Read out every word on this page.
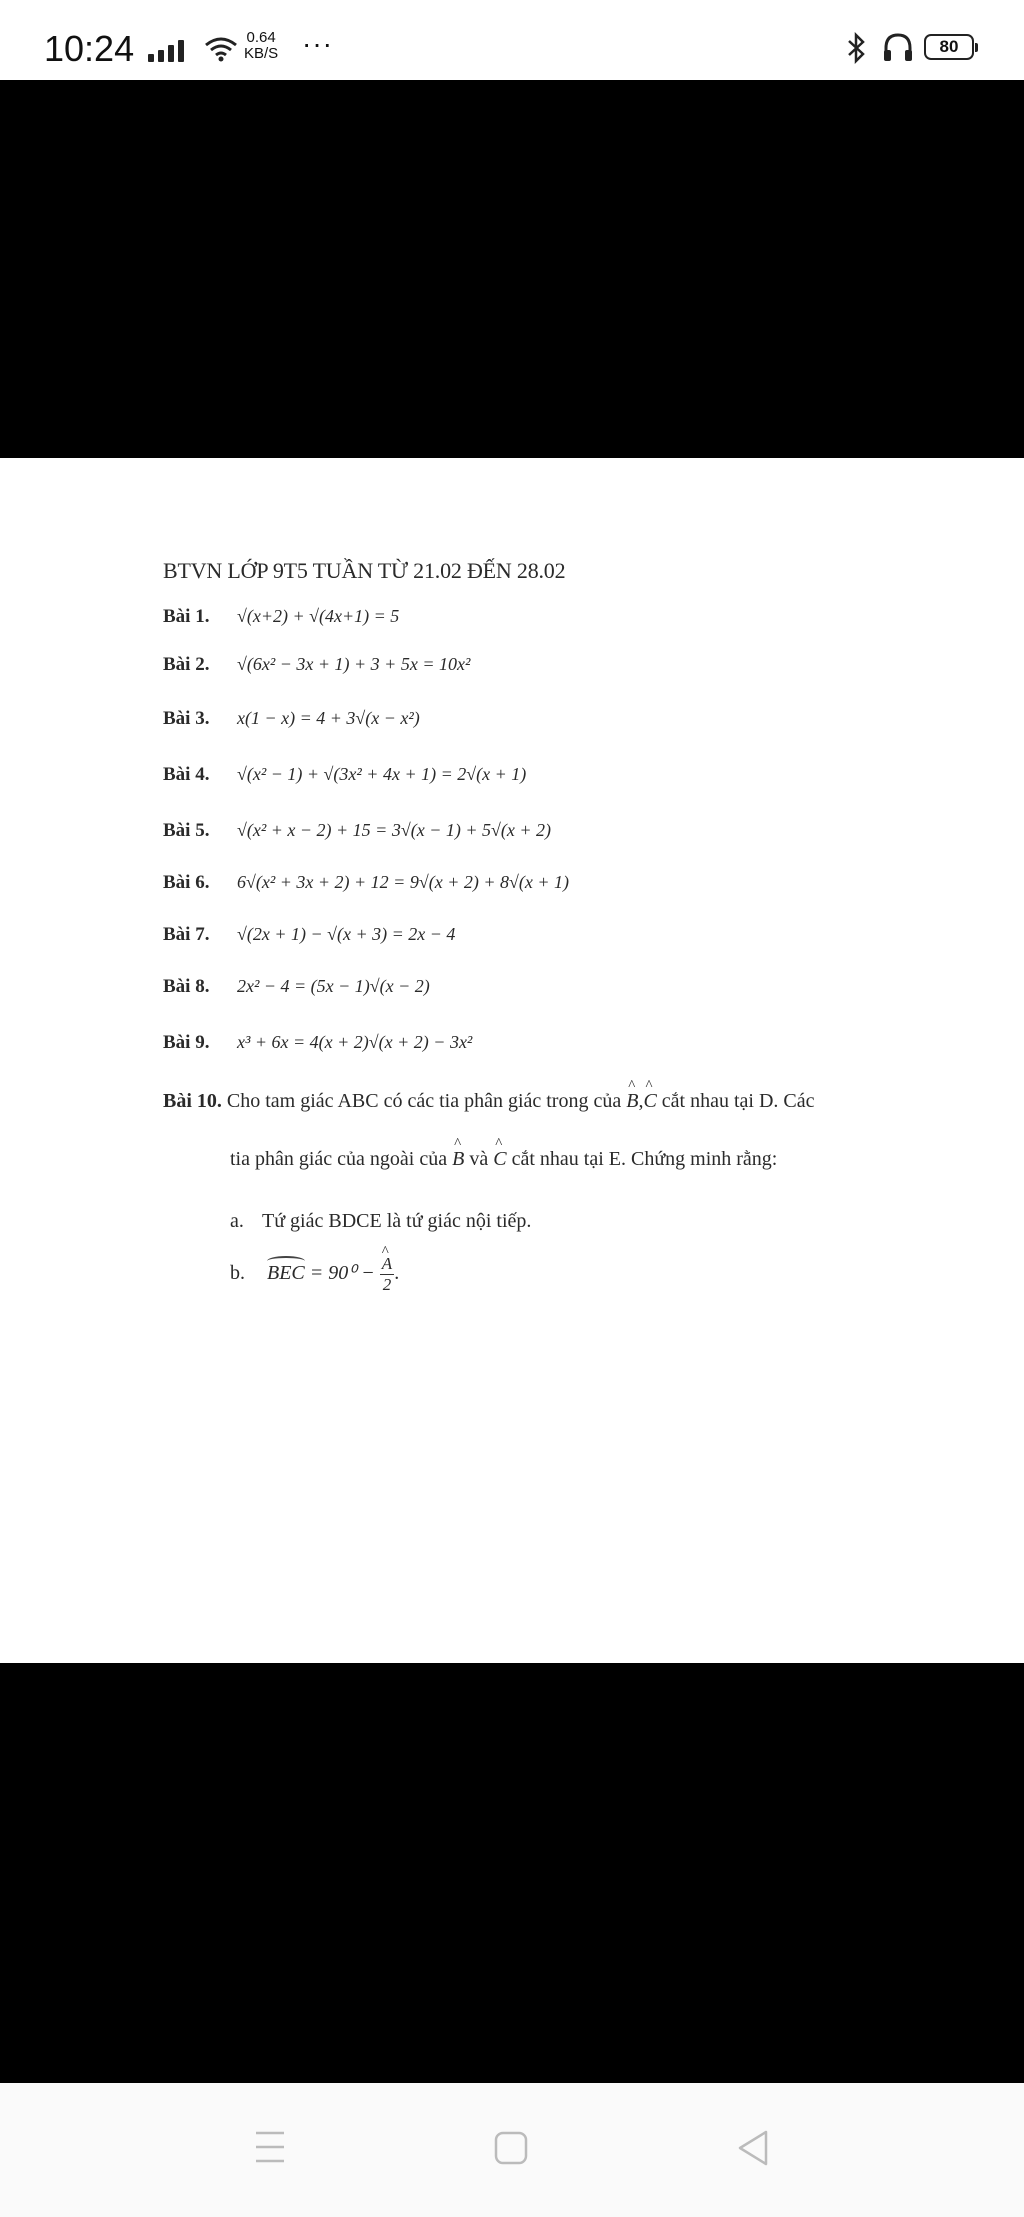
10:24	0.64
KB/S ···	80
BTVN LỚP 9T5 TUẦN TỪ 21.02 ĐẾN 28.02
Bài 1. √(x+2) + √(4x+1) = 5
Bài 2. √(6x² − 3x + 1) + 3 + 5x = 10x²
Bài 3. x(1 − x) = 4 + 3√(x − x²)
Bài 4. √(x² − 1) + √(3x² + 4x + 1) = 2√(x + 1)
Bài 5. √(x² + x − 2) + 15 = 3√(x − 1) + 5√(x + 2)
Bài 6. 6√(x² + 3x + 2) + 12 = 9√(x + 2) + 8√(x + 1)
Bài 7. √(2x + 1) − √(x + 3) = 2x − 4
Bài 8. 2x² − 4 = (5x − 1)√(x − 2)
Bài 9. x³ + 6x = 4(x + 2)√(x + 2) − 3x²
Bài 10. Cho tam giác ABC có các tia phân giác trong của ^ B,^ C cắt nhau tại D. Các
tia phân giác của ngoài của ^ B và ^ C cắt nhau tại E. Chứng minh rằng:
a. Tứ giác BDCE là tứ giác nội tiếp.
b. BEC = 90⁰ − ^ $\frac{A}{2}$ .
